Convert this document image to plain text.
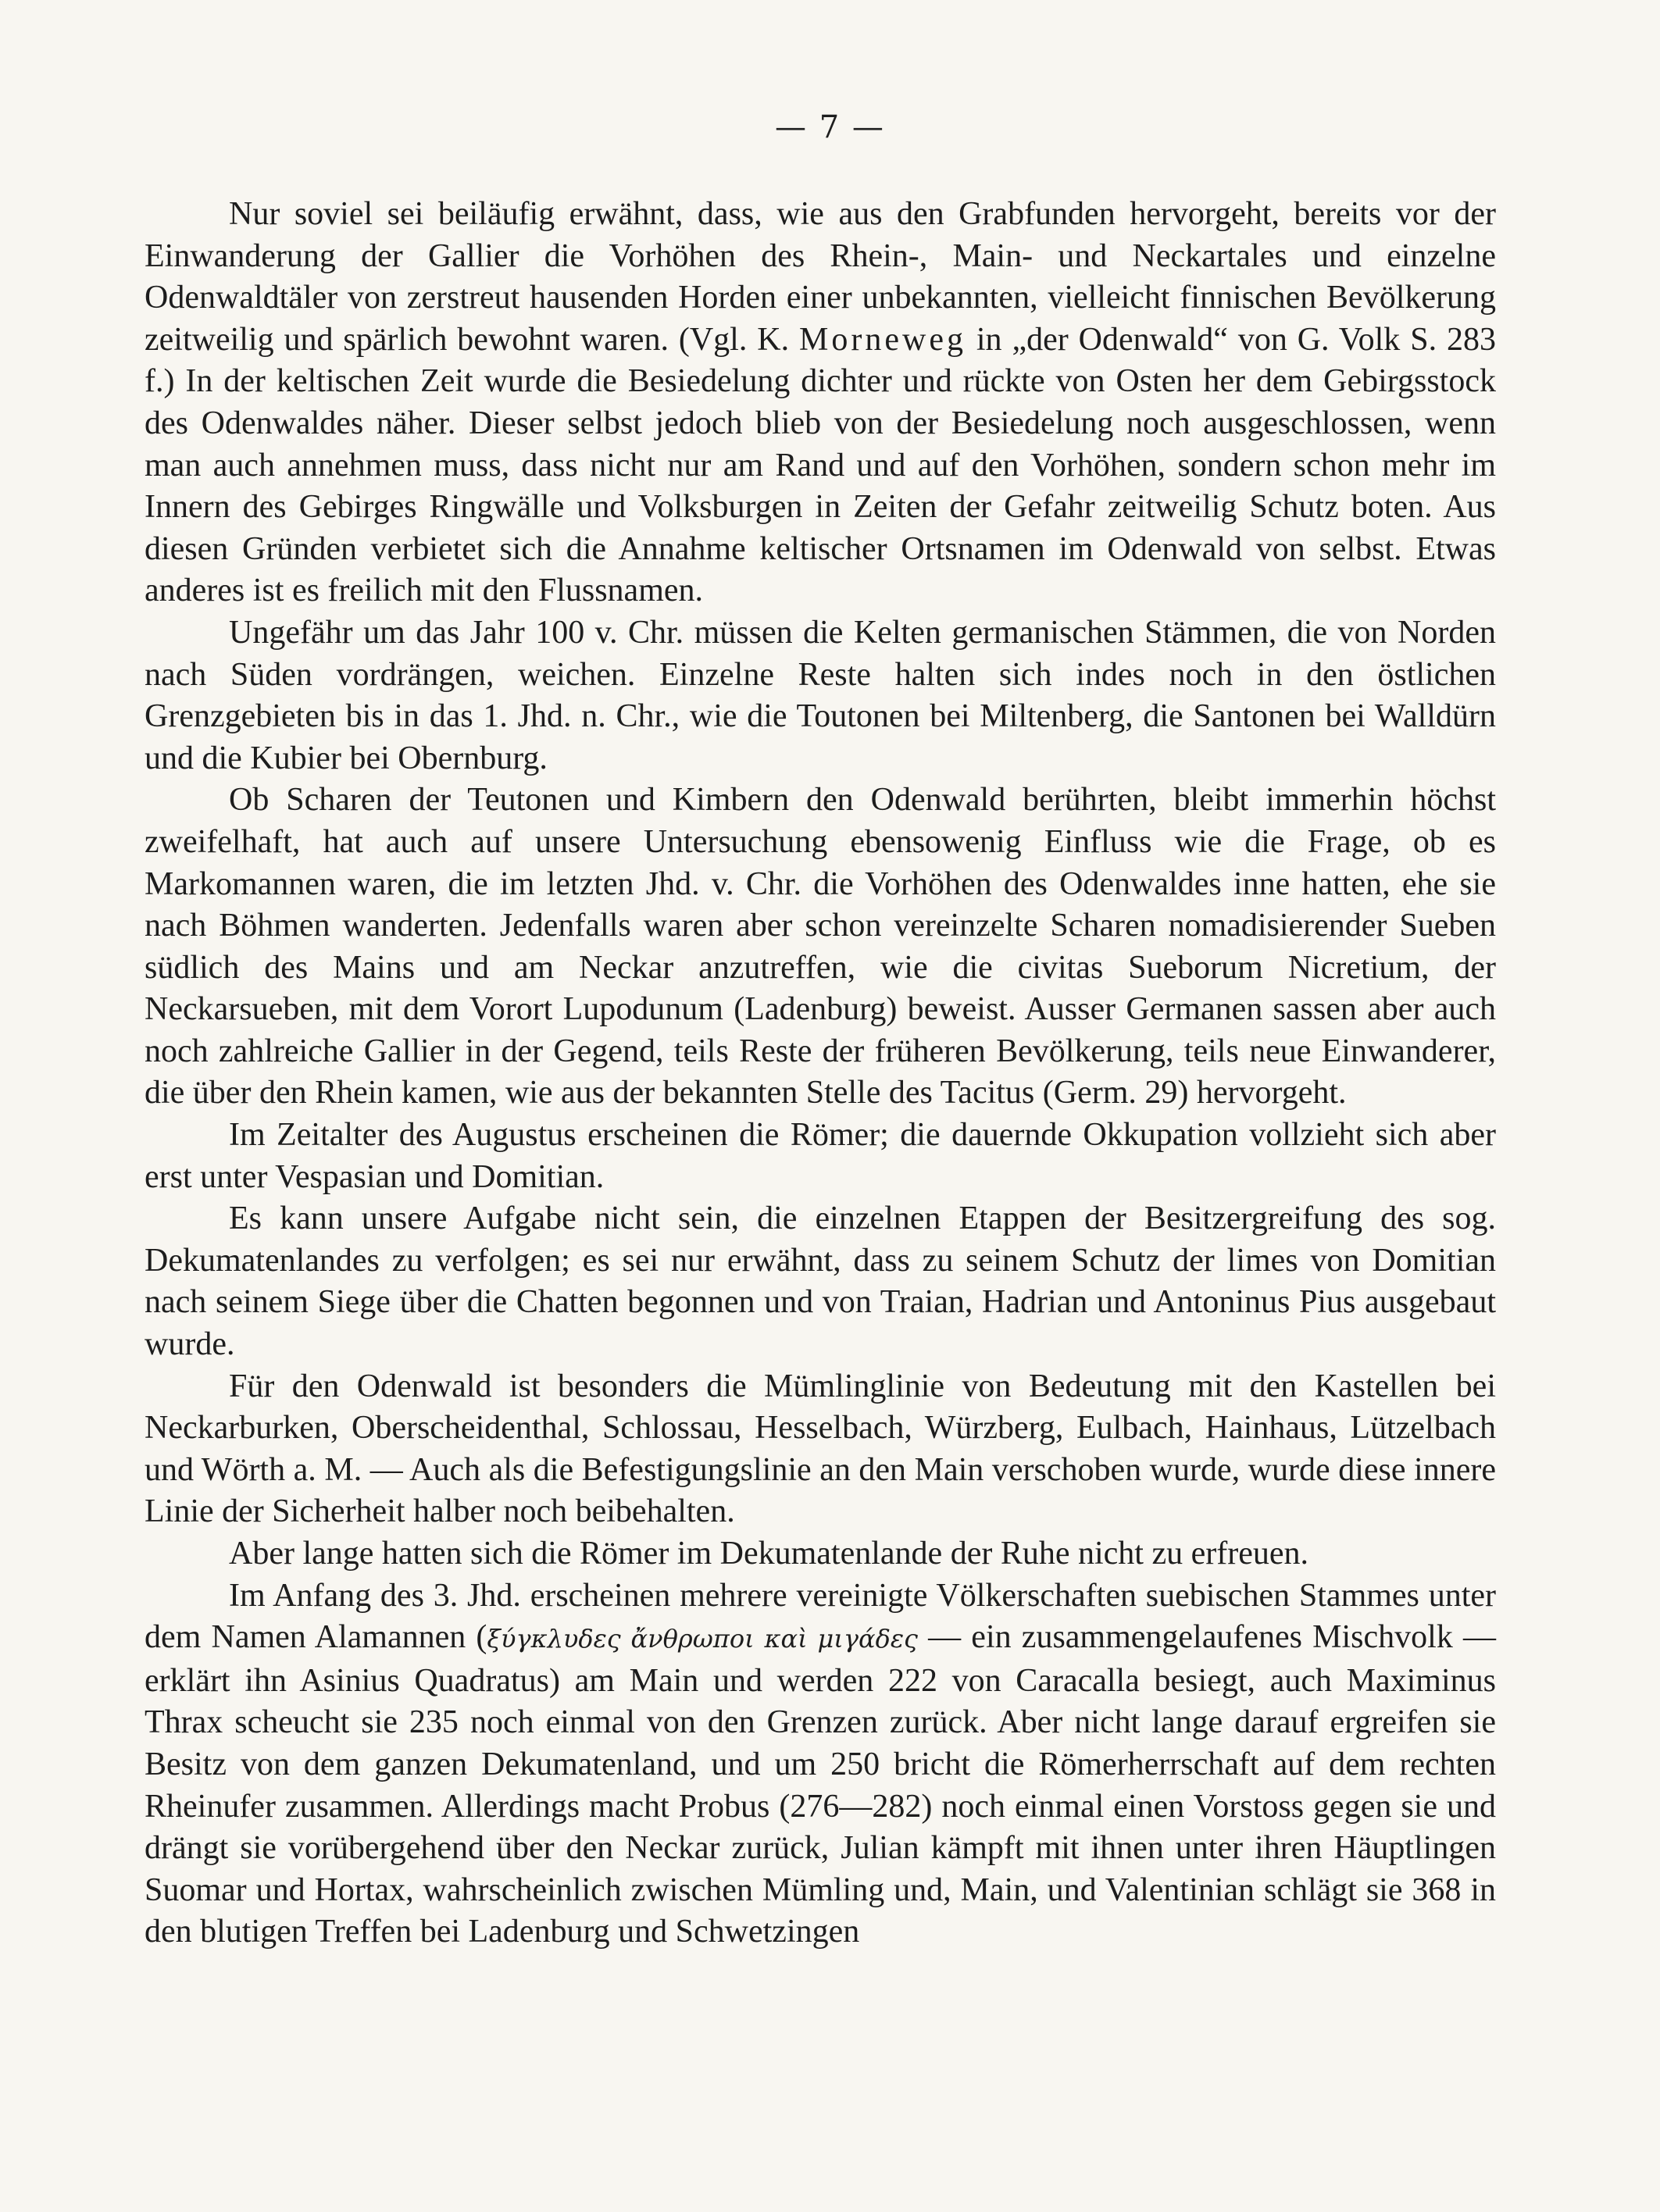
— 7 —

Nur soviel sei beiläufig erwähnt, dass, wie aus den Grabfunden hervorgeht, bereits vor der Einwanderung der Gallier die Vorhöhen des Rhein-, Main- und Neckartales und einzelne Odenwaldtäler von zerstreut hausenden Horden einer unbekannten, vielleicht finnischen Bevölkerung zeitweilig und spärlich bewohnt waren. (Vgl. K. Morneweg in „der Odenwald“ von G. Volk S. 283 f.) In der keltischen Zeit wurde die Besiedelung dichter und rückte von Osten her dem Gebirgsstock des Odenwaldes näher. Dieser selbst jedoch blieb von der Besiedelung noch ausgeschlossen, wenn man auch annehmen muss, dass nicht nur am Rand und auf den Vorhöhen, sondern schon mehr im Innern des Gebirges Ringwälle und Volksburgen in Zeiten der Gefahr zeitweilig Schutz boten. Aus diesen Gründen verbietet sich die Annahme keltischer Ortsnamen im Odenwald von selbst. Etwas anderes ist es freilich mit den Flussnamen.

Ungefähr um das Jahr 100 v. Chr. müssen die Kelten germanischen Stämmen, die von Norden nach Süden vordrängen, weichen. Einzelne Reste halten sich indes noch in den östlichen Grenzgebieten bis in das 1. Jhd. n. Chr., wie die Toutonen bei Miltenberg, die Santonen bei Walldürn und die Kubier bei Obernburg.

Ob Scharen der Teutonen und Kimbern den Odenwald berührten, bleibt immerhin höchst zweifelhaft, hat auch auf unsere Untersuchung ebensowenig Einfluss wie die Frage, ob es Markomannen waren, die im letzten Jhd. v. Chr. die Vorhöhen des Odenwaldes inne hatten, ehe sie nach Böhmen wanderten. Jedenfalls waren aber schon vereinzelte Scharen nomadisierender Sueben südlich des Mains und am Neckar anzutreffen, wie die civitas Sueborum Nicretium, der Neckarsueben, mit dem Vorort Lupodunum (Ladenburg) beweist. Ausser Germanen sassen aber auch noch zahlreiche Gallier in der Gegend, teils Reste der früheren Bevölkerung, teils neue Einwanderer, die über den Rhein kamen, wie aus der bekannten Stelle des Tacitus (Germ. 29) hervorgeht.

Im Zeitalter des Augustus erscheinen die Römer; die dauernde Okkupation vollzieht sich aber erst unter Vespasian und Domitian.

Es kann unsere Aufgabe nicht sein, die einzelnen Etappen der Besitzergreifung des sog. Dekumatenlandes zu verfolgen; es sei nur erwähnt, dass zu seinem Schutz der limes von Domitian nach seinem Siege über die Chatten begonnen und von Traian, Hadrian und Antoninus Pius ausgebaut wurde.

Für den Odenwald ist besonders die Mümlinglinie von Bedeutung mit den Kastellen bei Neckarburken, Oberscheidenthal, Schlossau, Hesselbach, Würzberg, Eulbach, Hainhaus, Lützelbach und Wörth a. M. — Auch als die Befestigungslinie an den Main verschoben wurde, wurde diese innere Linie der Sicherheit halber noch beibehalten.

Aber lange hatten sich die Römer im Dekumatenlande der Ruhe nicht zu erfreuen.

Im Anfang des 3. Jhd. erscheinen mehrere vereinigte Völkerschaften suebischen Stammes unter dem Namen Alamannen (ξύγκλυδες ἄνθρωποι καὶ μιγάδες — ein zusammengelaufenes Mischvolk — erklärt ihn Asinius Quadratus) am Main und werden 222 von Caracalla besiegt, auch Maximinus Thrax scheucht sie 235 noch einmal von den Grenzen zurück. Aber nicht lange darauf ergreifen sie Besitz von dem ganzen Dekumatenland, und um 250 bricht die Römerherrschaft auf dem rechten Rheinufer zusammen. Allerdings macht Probus (276—282) noch einmal einen Vorstoss gegen sie und drängt sie vorübergehend über den Neckar zurück, Julian kämpft mit ihnen unter ihren Häuptlingen Suomar und Hortax, wahrscheinlich zwischen Mümling und, Main, und Valentinian schlägt sie 368 in den blutigen Treffen bei Ladenburg und Schwetzingen
